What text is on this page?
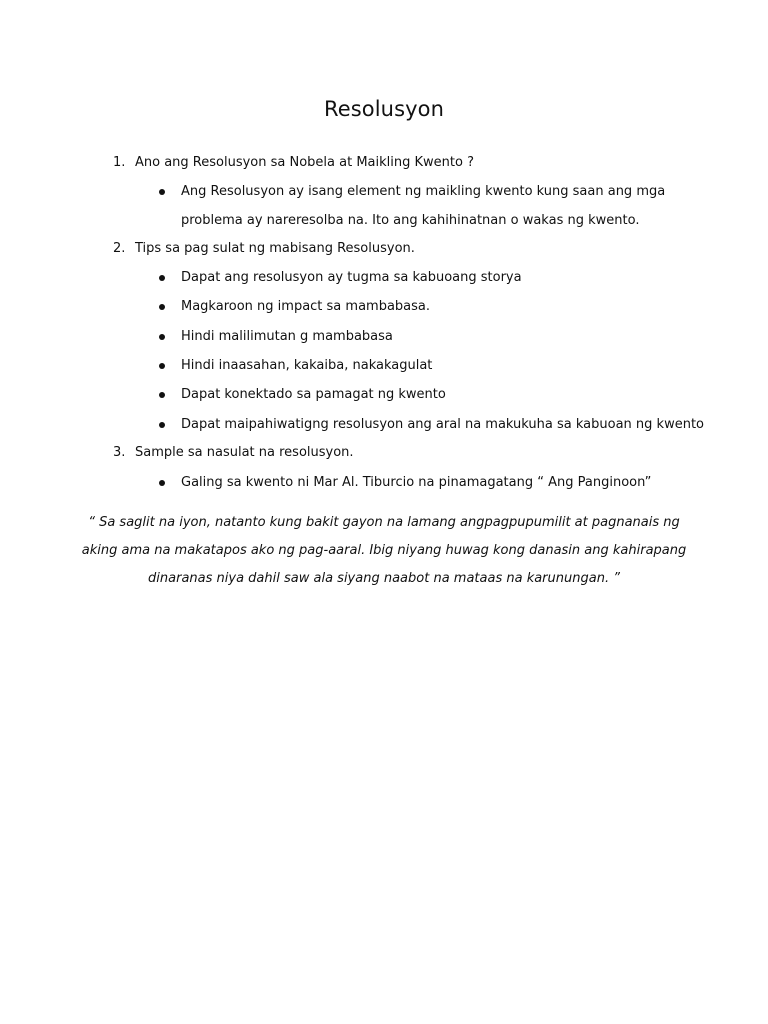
Resolusyon
1. Ano ang Resolusyon sa Nobela at Maikling Kwento ?
Ang Resolusyon ay isang element ng maikling kwento kung saan ang mga
problema ay nareresolba na. Ito ang kahihinatnan o wakas ng kwento.
2. Tips sa pag sulat ng mabisang Resolusyon.
Dapat ang resolusyon ay tugma sa kabuoang storya
Magkaroon ng impact sa mambabasa.
Hindi malilimutan g mambabasa
Hindi inaasahan, kakaiba, nakakagulat
Dapat konektado sa pamagat ng kwento
Dapat maipahiwatigng resolusyon ang aral na makukuha sa kabuoan ng kwento
3. Sample sa nasulat na resolusyon.
Galing sa kwento ni Mar Al. Tiburcio na pinamagatang “ Ang Panginoon”
“ Sa saglit na iyon, natanto kung bakit gayon na lamang angpagpupumilit at pagnanais ng
aking ama na makatapos ako ng pag-aaral. Ibig niyang huwag kong danasin ang kahirapang
dinaranas niya dahil saw ala siyang naabot na mataas na karunungan. ”
